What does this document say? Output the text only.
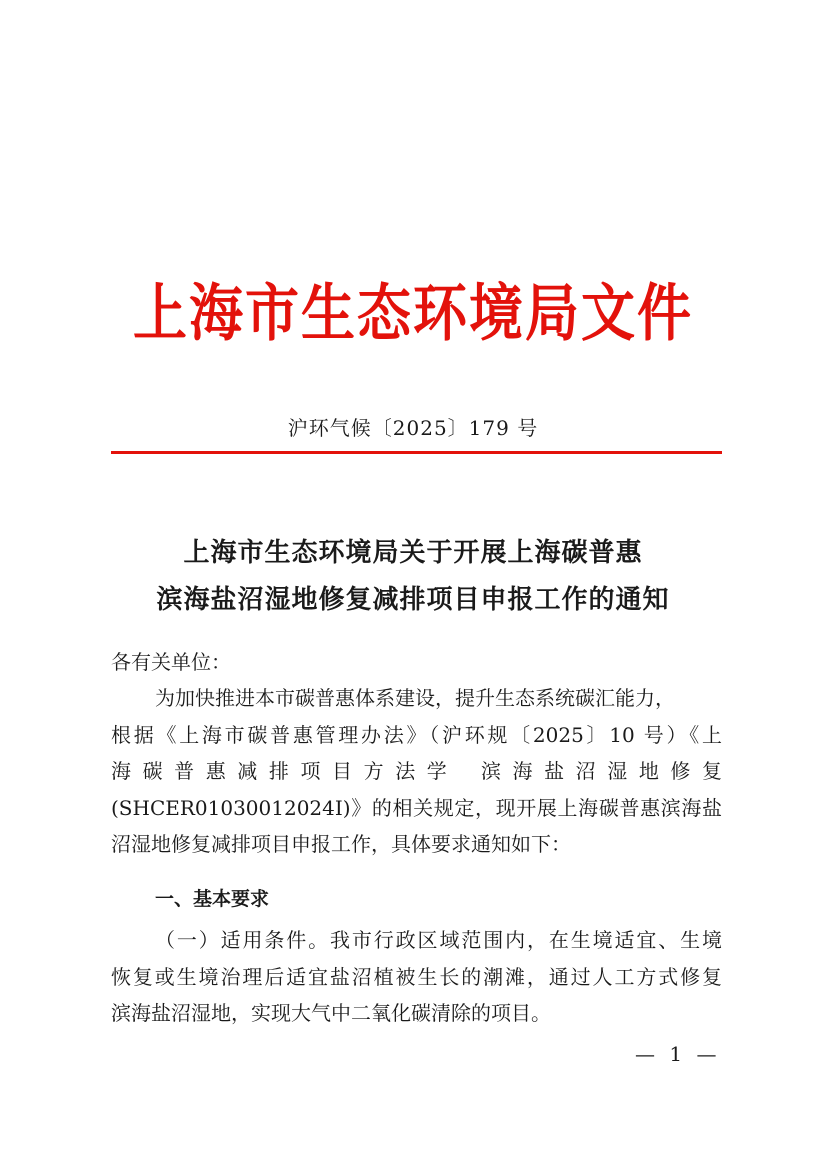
上海市生态环境局文件
沪环气候〔2025〕179 号
上海市生态环境局关于开展上海碳普惠
滨海盐沼湿地修复减排项目申报工作的通知
各有关单位：
为加快推进本市碳普惠体系建设，提升生态系统碳汇能力，
根据《上海市碳普惠管理办法》（沪环规〔2025〕10 号）《上
海 碳 普 惠 减 排 项 目 方 法 学　 滨 海 盐 沼 湿 地 修 复
(SHCER01030012024I)》的相关规定，现开展上海碳普惠滨海盐
沼湿地修复减排项目申报工作，具体要求通知如下：
一、基本要求
（一）适用条件。我市行政区域范围内，在生境适宜、生境
恢复或生境治理后适宜盐沼植被生长的潮滩，通过人工方式修复
滨海盐沼湿地，实现大气中二氧化碳清除的项目。
— 1 —
